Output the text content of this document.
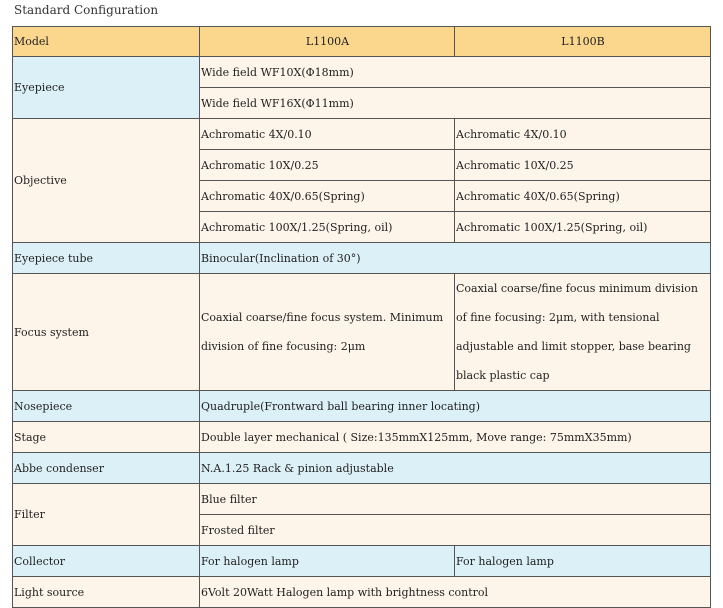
Standard Configuration
Model	L1100A	L1100B
Eyepiece	Wide field WF10X(Φ18mm)	
	Wide field WF16X(Φ11mm)	
Objective	Achromatic 4X/0.10	Achromatic 4X/0.10
	Achromatic 10X/0.25	Achromatic 10X/0.25
	Achromatic 40X/0.65(Spring)	Achromatic 40X/0.65(Spring)
	Achromatic 100X/1.25(Spring, oil)	Achromatic 100X/1.25(Spring, oil)
Eyepiece tube	Binocular(Inclination of 30°)	
Focus system	Coaxial coarse/fine focus system. Minimum division of fine focusing: 2μm	Coaxial coarse/fine focus minimum division of fine focusing: 2μm, with tensional adjustable and limit stopper, base bearing black plastic cap
Nosepiece	Quadruple(Frontward ball bearing inner locating)	
Stage	Double layer mechanical ( Size:135mmX125mm, Move range: 75mmX35mm)	
Abbe condenser	N.A.1.25 Rack & pinion adjustable	
Filter	Blue filter	
	Frosted filter	
Collector	For halogen lamp	For halogen lamp
Light source	6Volt 20Watt Halogen lamp with brightness control	
